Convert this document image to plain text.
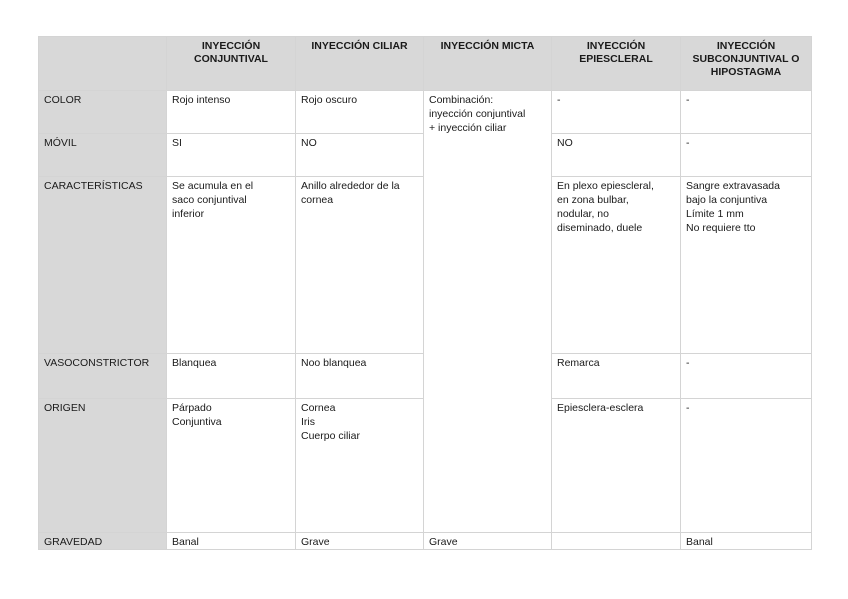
	INYECCIÓN CONJUNTIVAL	INYECCIÓN CILIAR	INYECCIÓN MICTA	INYECCIÓN EPIESCLERAL	INYECCIÓN SUBCONJUNTIVAL O HIPOSTAGMA
COLOR	Rojo intenso	Rojo oscuro	Combinación:
inyección conjuntival
+ inyección ciliar	-	-
MÓVIL	SI	NO		NO	-
CARACTERÍSTICAS	Se acumula en el
saco conjuntival
inferior	Anillo alrededor de la
cornea		En plexo epiescleral,
en zona bulbar,
nodular, no
diseminado, duele	Sangre extravasada
bajo la conjuntiva
Límite 1 mm
No requiere tto
VASOCONSTRICTOR	Blanquea	Noo blanquea		Remarca	-
ORIGEN	Párpado
Conjuntiva	Cornea
Iris
Cuerpo ciliar		Epiesclera-esclera	-
GRAVEDAD	Banal	Grave	Grave		Banal
